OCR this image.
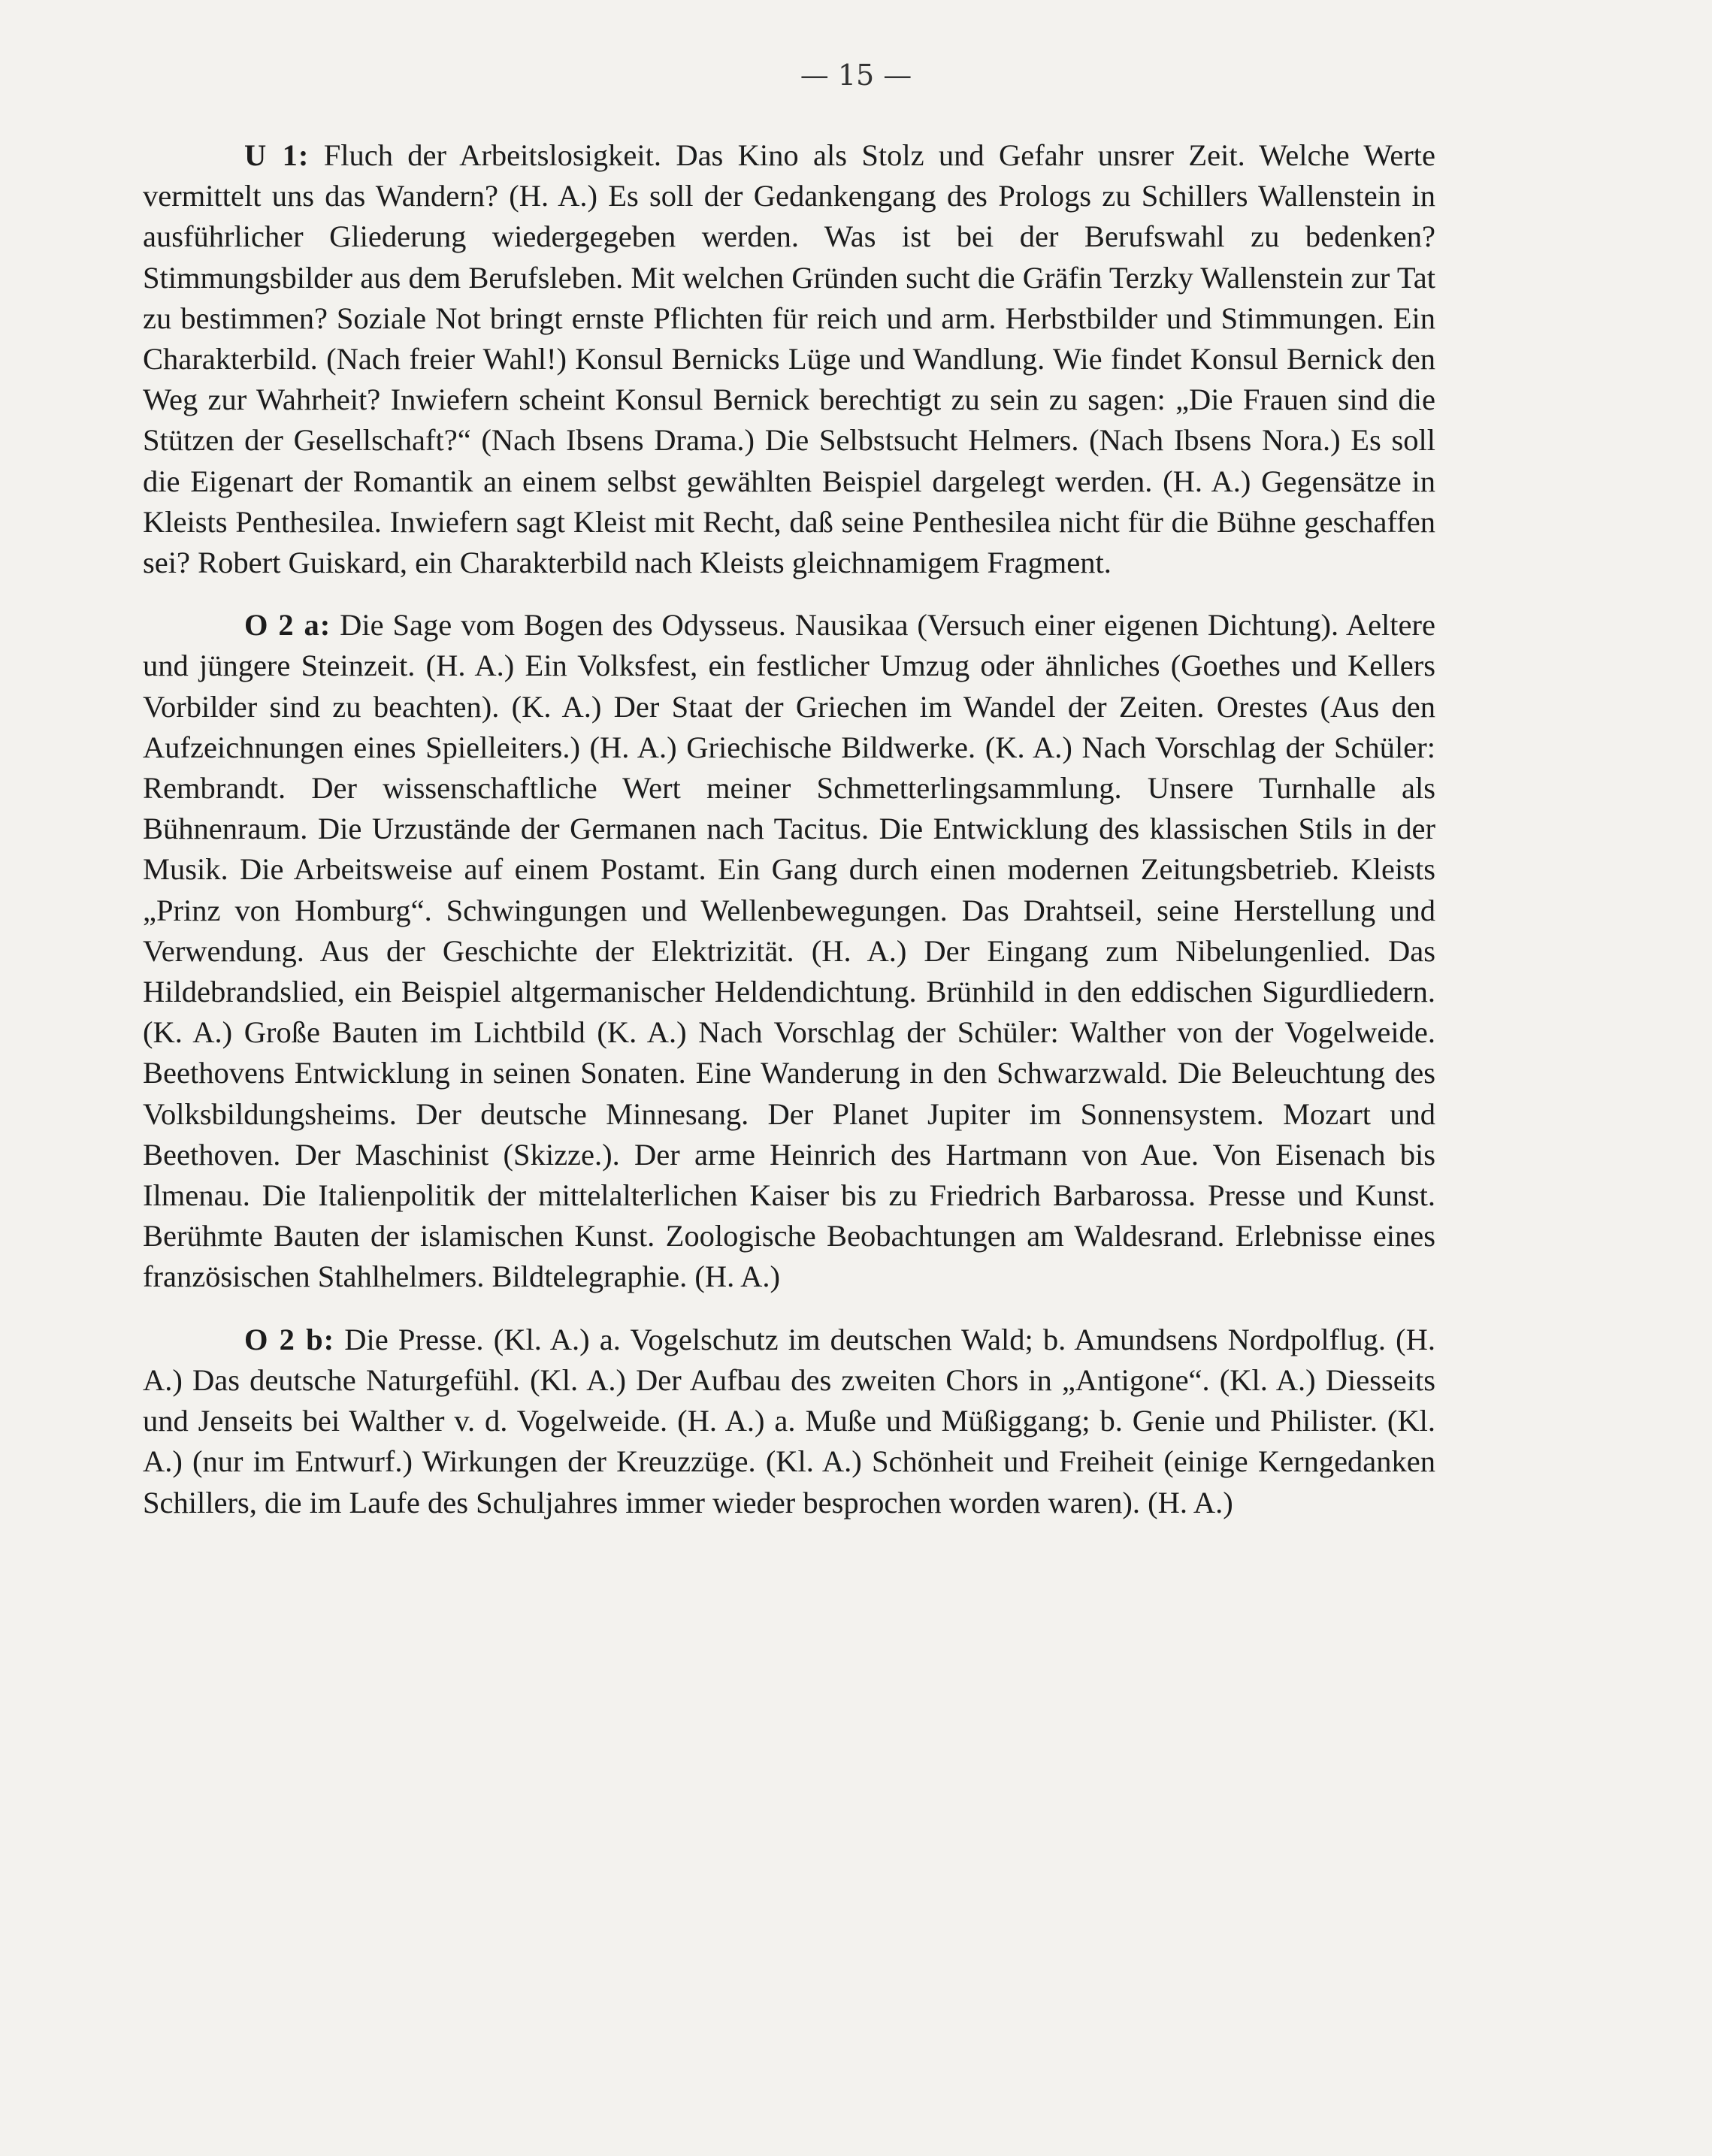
— 15 —

U 1: Fluch der Arbeitslosigkeit. Das Kino als Stolz und Gefahr unsrer Zeit. Welche Werte vermittelt uns das Wandern? (H. A.) Es soll der Gedankengang des Prologs zu Schillers Wallenstein in ausführlicher Gliederung wiedergegeben werden. Was ist bei der Berufswahl zu bedenken? Stimmungsbilder aus dem Berufsleben. Mit welchen Gründen sucht die Gräfin Terzky Wallenstein zur Tat zu bestimmen? Soziale Not bringt ernste Pflichten für reich und arm. Herbstbilder und Stimmungen. Ein Charakterbild. (Nach freier Wahl!) Konsul Bernicks Lüge und Wandlung. Wie findet Konsul Bernick den Weg zur Wahrheit? Inwiefern scheint Konsul Bernick berechtigt zu sein zu sagen: „Die Frauen sind die Stützen der Gesellschaft?“ (Nach Ibsens Drama.) Die Selbstsucht Helmers. (Nach Ibsens Nora.) Es soll die Eigenart der Romantik an einem selbst gewählten Beispiel dargelegt werden. (H. A.) Gegensätze in Kleists Penthesilea. Inwiefern sagt Kleist mit Recht, daß seine Penthesilea nicht für die Bühne geschaffen sei? Robert Guiskard, ein Charakterbild nach Kleists gleichnamigem Fragment.

O 2 a: Die Sage vom Bogen des Odysseus. Nausikaa (Versuch einer eigenen Dichtung). Aeltere und jüngere Steinzeit. (H. A.) Ein Volksfest, ein festlicher Umzug oder ähnliches (Goethes und Kellers Vorbilder sind zu beachten). (K. A.) Der Staat der Griechen im Wandel der Zeiten. Orestes (Aus den Aufzeichnungen eines Spielleiters.) (H. A.) Griechische Bildwerke. (K. A.) Nach Vorschlag der Schüler: Rembrandt. Der wissenschaftliche Wert meiner Schmetterlingsammlung. Unsere Turnhalle als Bühnenraum. Die Urzustände der Germanen nach Tacitus. Die Entwicklung des klassischen Stils in der Musik. Die Arbeitsweise auf einem Postamt. Ein Gang durch einen modernen Zeitungsbetrieb. Kleists „Prinz von Homburg“. Schwingungen und Wellenbewegungen. Das Drahtseil, seine Herstellung und Verwendung. Aus der Geschichte der Elektrizität. (H. A.) Der Eingang zum Nibelungenlied. Das Hildebrandslied, ein Beispiel altgermanischer Heldendichtung. Brünhild in den eddischen Sigurdliedern. (K. A.) Große Bauten im Lichtbild (K. A.) Nach Vorschlag der Schüler: Walther von der Vogelweide. Beethovens Entwicklung in seinen Sonaten. Eine Wanderung in den Schwarzwald. Die Beleuchtung des Volksbildungsheims. Der deutsche Minnesang. Der Planet Jupiter im Sonnensystem. Mozart und Beethoven. Der Maschinist (Skizze.). Der arme Heinrich des Hartmann von Aue. Von Eisenach bis Ilmenau. Die Italienpolitik der mittelalterlichen Kaiser bis zu Friedrich Barbarossa. Presse und Kunst. Berühmte Bauten der islamischen Kunst. Zoologische Beobachtungen am Waldesrand. Erlebnisse eines französischen Stahlhelmers. Bildtelegraphie. (H. A.)

O 2 b: Die Presse. (Kl. A.) a. Vogelschutz im deutschen Wald; b. Amundsens Nordpolflug. (H. A.) Das deutsche Naturgefühl. (Kl. A.) Der Aufbau des zweiten Chors in „Antigone“. (Kl. A.) Diesseits und Jenseits bei Walther v. d. Vogelweide. (H. A.) a. Muße und Müßiggang; b. Genie und Philister. (Kl. A.) (nur im Entwurf.) Wirkungen der Kreuzzüge. (Kl. A.) Schönheit und Freiheit (einige Kerngedanken Schillers, die im Laufe des Schuljahres immer wieder besprochen worden waren). (H. A.)
